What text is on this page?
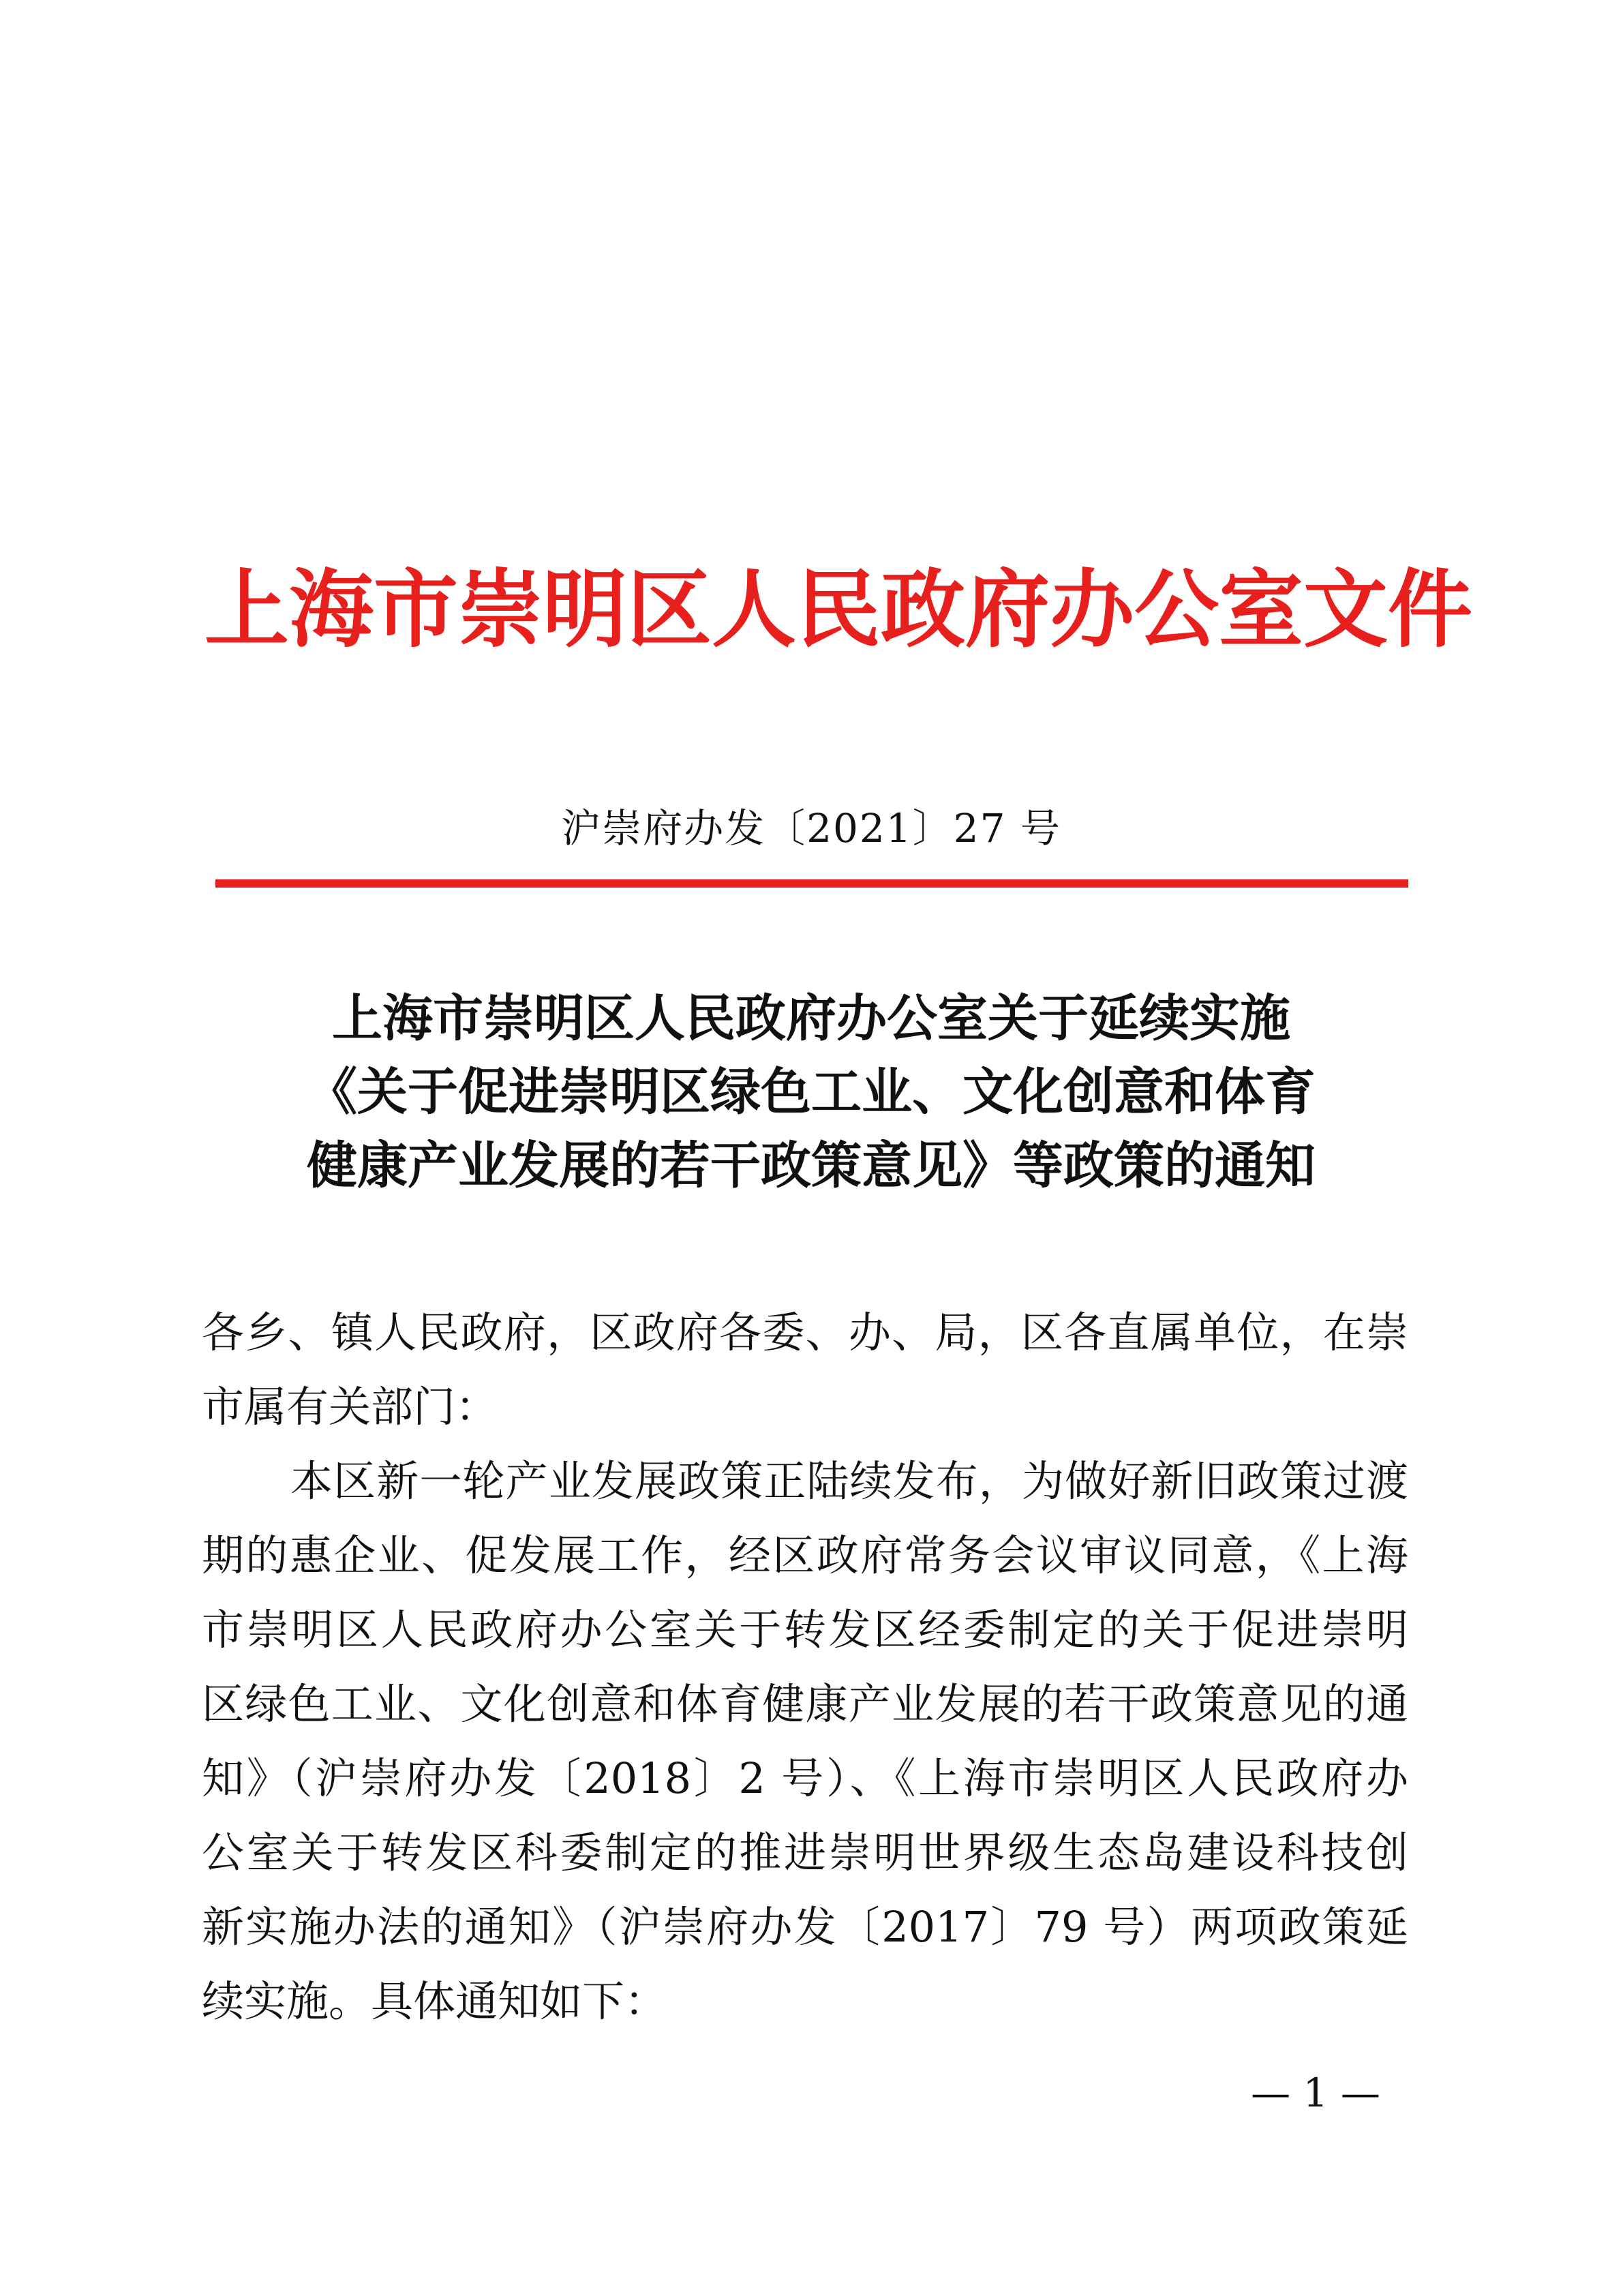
上海市崇明区人民政府办公室文件
沪崇府办发〔2021〕27 号
上海市崇明区人民政府办公室关于延续实施
《关于促进崇明区绿色工业、文化创意和体育
健康产业发展的若干政策意见》等政策的通知

各乡、镇人民政府，区政府各委、办、局，区各直属单位，在崇
市属有关部门：

本区新一轮产业发展政策正陆续发布，为做好新旧政策过渡
期的惠企业、促发展工作，经区政府常务会议审议同意，《上海
市崇明区人民政府办公室关于转发区经委制定的关于促进崇明
区绿色工业、文化创意和体育健康产业发展的若干政策意见的通
知》（沪崇府办发〔2018〕2 号）、《上海市崇明区人民政府办
公室关于转发区科委制定的推进崇明世界级生态岛建设科技创
新实施办法的通知》（沪崇府办发〔2017〕79 号）两项政策延
续实施。具体通知如下：

— 1 —
